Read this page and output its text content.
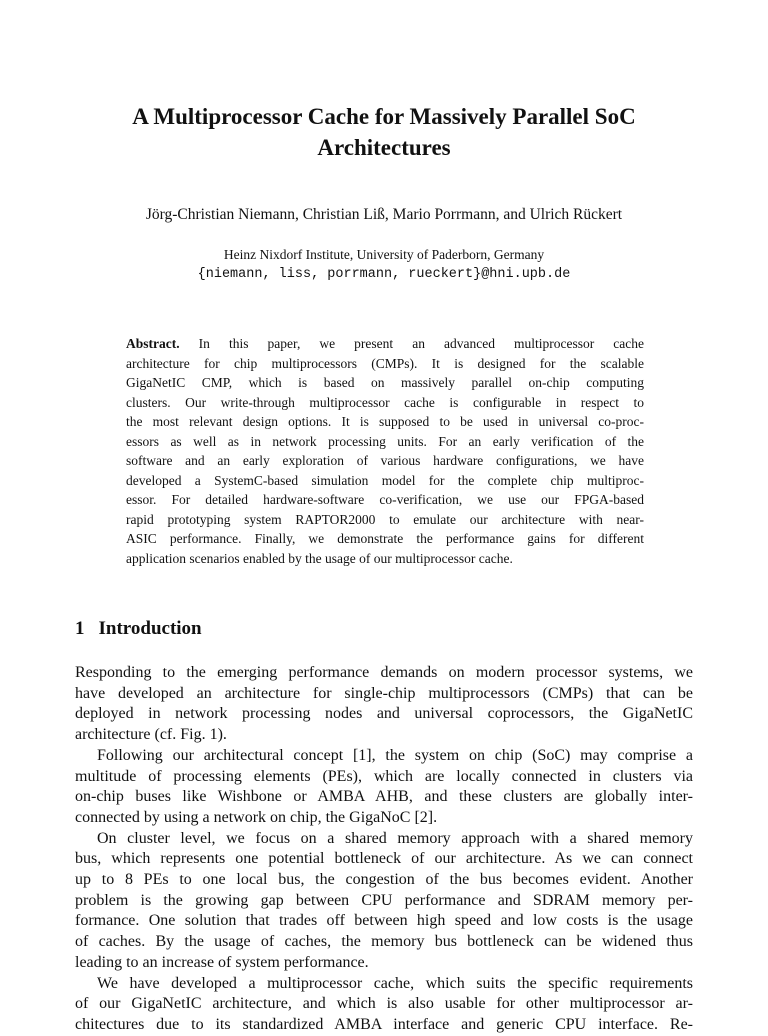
A Multiprocessor Cache for Massively Parallel SoC
Architectures

Jörg-Christian Niemann, Christian Liß, Mario Porrmann, and Ulrich Rückert

Heinz Nixdorf Institute, University of Paderborn, Germany

{niemann, liss, porrmann, rueckert}@hni.upb.de

Abstract. In this paper, we present an advanced multiprocessor cache
architecture for chip multiprocessors (CMPs). It is designed for the scalable
GigaNetIC CMP, which is based on massively parallel on-chip computing
clusters. Our write-through multiprocessor cache is configurable in respect to
the most relevant design options. It is supposed to be used in universal co-proc-
essors as well as in network processing units. For an early verification of the
software and an early exploration of various hardware configurations, we have
developed a SystemC-based simulation model for the complete chip multiproc-
essor. For detailed hardware-software co-verification, we use our FPGA-based
rapid prototyping system RAPTOR2000 to emulate our architecture with near-
ASIC performance. Finally, we demonstrate the performance gains for different
application scenarios enabled by the usage of our multiprocessor cache.
1 Introduction
Responding to the emerging performance demands on modern processor systems, we
have developed an architecture for single-chip multiprocessors (CMPs) that can be
deployed in network processing nodes and universal coprocessors, the GigaNetIC
architecture (cf. Fig. 1).
Following our architectural concept [1], the system on chip (SoC) may comprise a
multitude of processing elements (PEs), which are locally connected in clusters via
on-chip buses like Wishbone or AMBA AHB, and these clusters are globally inter-
connected by using a network on chip, the GigaNoC [2].
On cluster level, we focus on a shared memory approach with a shared memory
bus, which represents one potential bottleneck of our architecture. As we can connect
up to 8 PEs to one local bus, the congestion of the bus becomes evident. Another
problem is the growing gap between CPU performance and SDRAM memory per-
formance. One solution that trades off between high speed and low costs is the usage
of caches. By the usage of caches, the memory bus bottleneck can be widened thus
leading to an increase of system performance.
We have developed a multiprocessor cache, which suits the specific requirements
of our GigaNetIC architecture, and which is also usable for other multiprocessor ar-
chitectures due to its standardized AMBA interface and generic CPU interface. Re-
